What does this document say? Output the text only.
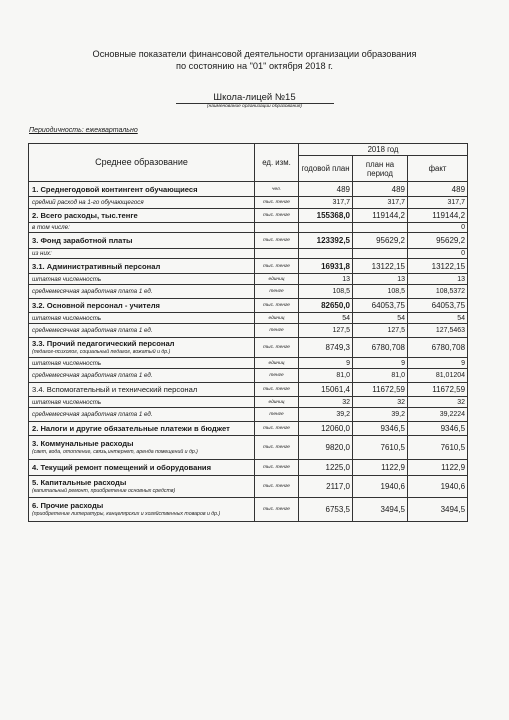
Основные показатели финансовой деятельности организации образования
по состоянию на "01" октября 2018 г.
Школа-лицей №15
(наименование организации образования)
Периодичность: ежеквартально
Среднее образование	ед. изм.	2018 год		
		годовой план	план на период	факт
1. Среднегодовой контингент обучающиеся	чел.	489	489	489
средний расход на 1-го обучающегося	тыс. тенге	317,7	317,7	317,7
2. Всего расходы, тыс.тенге	тыс. тенге	155368,0	119144,2	119144,2
в том числе:				0
3. Фонд заработной платы	тыс. тенге	123392,5	95629,2	95629,2
из них:				0
3.1. Административный персонал	тыс. тенге	16931,8	13122,15	13122,15
штатная численность	единиц	13	13	13
среднемесячная заработная плата 1 ед.	тенге	108,5	108,5	108,5372
3.2. Основной персонал - учителя	тыс. тенге	82650,0	64053,75	64053,75
штатная численность	единиц	54	54	54
среднемесячная заработная плата 1 ед.	тенге	127,5	127,5	127,5463
3.3. Прочий педагогический персонал
(педагог-психолог, социальный педагог, вожатый и др.)	тыс. тенге	8749,3	6780,708	6780,708
штатная численность	единиц	9	9	9
среднемесячная заработная плата 1 ед.	тенге	81,0	81,0	81,01204
3.4. Вспомогательный и технический персонал	тыс. тенге	15061,4	11672,59	11672,59
штатная численность	единиц	32	32	32
среднемесячная заработная плата 1 ед.	тенге	39,2	39,2	39,2224
2. Налоги и другие обязательные платежи в бюджет	тыс. тенге	12060,0	9346,5	9346,5
3. Коммунальные расходы
(свет, вода, отопление, связь,интернет, аренда помещений и др.)	тыс. тенге	9820,0	7610,5	7610,5
4. Текущий ремонт помещений и оборудования	тыс. тенге	1225,0	1122,9	1122,9
5. Капитальные расходы
(капитальный ремонт, приобретение основных средств)	тыс. тенге	2117,0	1940,6	1940,6
6. Прочие расходы
(приобретение литературы, канцелярских и хозяйственных товаров и др.)	тыс. тенге	6753,5	3494,5	3494,5
